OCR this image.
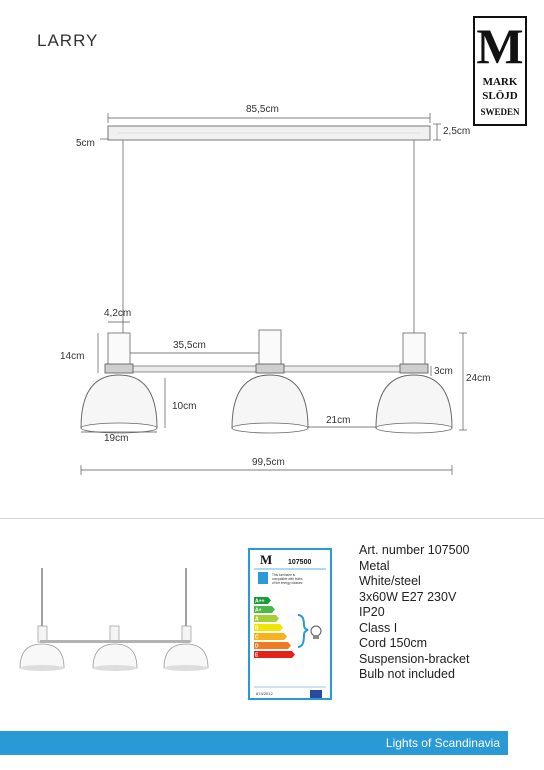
LARRY	M
MARK
SLÖJD
SWEDEN
85,5cm
2,5cm
5cm
4,2cm
14cm
35,5cm
3cm
24cm
10cm
19cm
21cm
99,5cm
M 107500
This luminaire is
compatible with bulbs
of the energy classes:
A++
A+
A
B
C
D
E
874/2012
Art. number 107500
Metal
White/steel
3x60W E27 230V
IP20
Class I
Cord 150cm
Suspension-bracket
Bulb not included
Lights of Scandinavia
